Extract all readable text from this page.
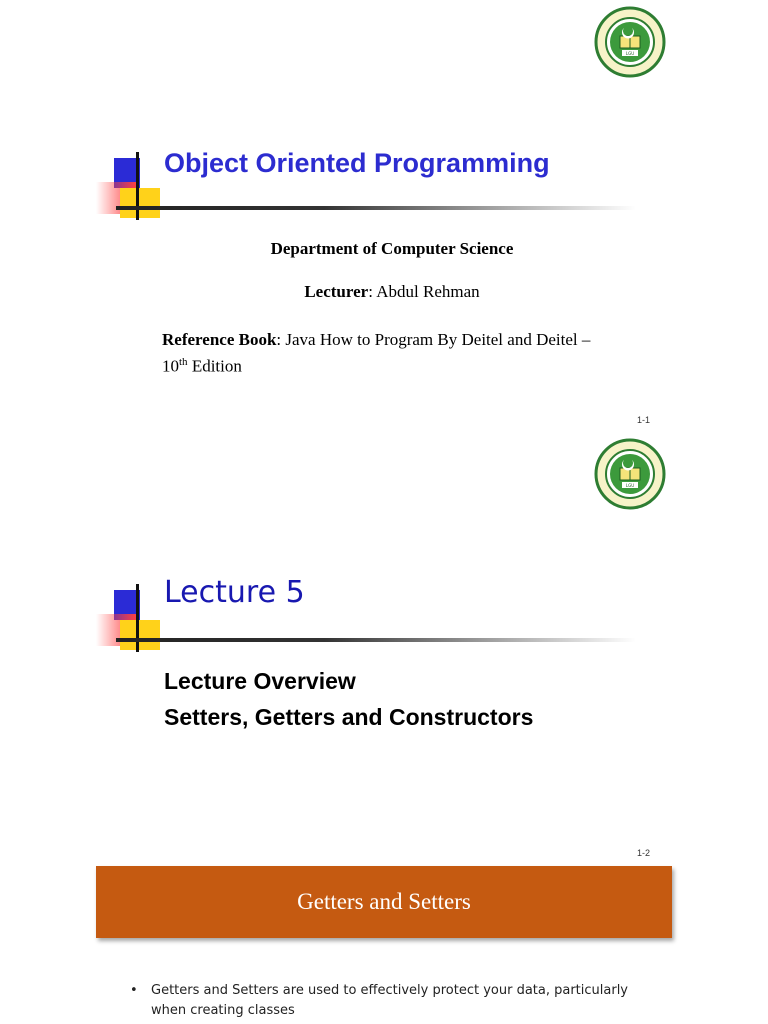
LGU
Object Oriented Programming
Department of Computer Science
Lecturer: Abdul Rehman
Reference Book: Java How to Program By Deitel and Deitel – 10th Edition
1-1
LGU
Lecture 5
Lecture Overview
Setters, Getters and Constructors
1-2
Getters and Setters
• Getters and Setters are used to effectively protect your data, particularly when creating classes
